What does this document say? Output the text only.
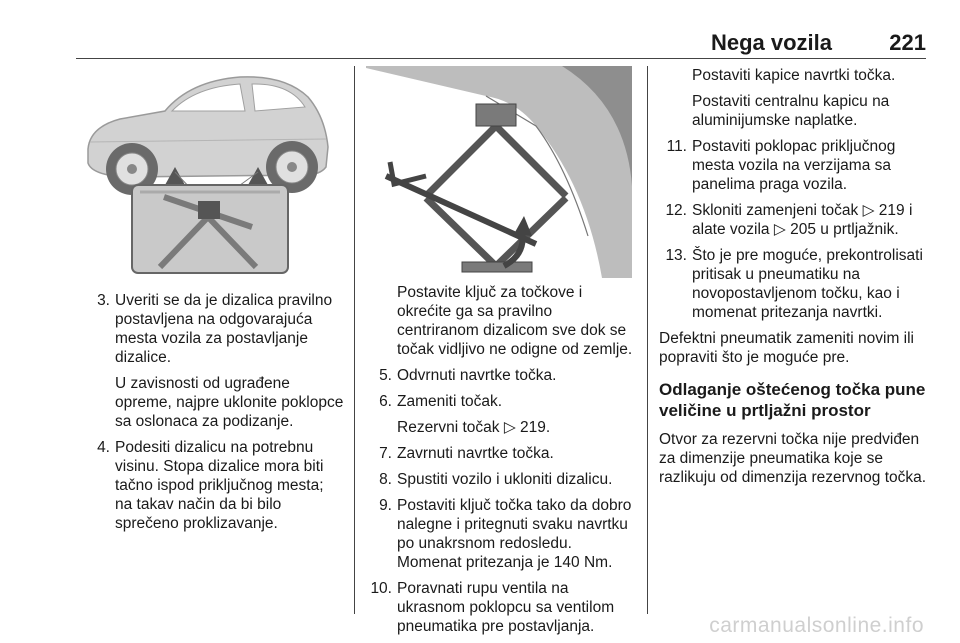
Nega vozila	221
3. Uveriti se da je dizalica pravilno postavljena na odgovarajuća mesta vozila za postavljanje dizalice.

U zavisnosti od ugrađene opreme, najpre uklonite poklopce sa oslonaca za podizanje.

4. Podesiti dizalicu na potrebnu visinu. Stopa dizalice mora biti tačno ispod priključnog mesta; na takav način da bi bilo sprečeno proklizavanje.

Postavite ključ za točkove i okrećite ga sa pravilno centriranom dizalicom sve dok se točak vidljivo ne odigne od zemlje.

5. Odvrnuti navrtke točka.
6. Zameniti točak.

Rezervni točak ▷ 219.

7. Zavrnuti navrtke točka.
8. Spustiti vozilo i ukloniti dizalicu.
9. Postaviti ključ točka tako da dobro nalegne i pritegnuti svaku navrtku po unakrsnom redosledu.

Momenat pritezanja je 140 Nm.

10. Poravnati rupu ventila na ukrasnom poklopcu sa ventilom pneumatika pre postavljanja.

Postaviti kapice navrtki točka.

Postaviti centralnu kapicu na aluminijumske naplatke.

11. Postaviti poklopac priključnog mesta vozila na verzijama sa panelima praga vozila.
12. Skloniti zamenjeni točak ▷ 219 i alate vozila ▷ 205 u prtljažnik.
13. Što je pre moguće, prekontrolisati pritisak u pneumatiku na novopostavljenom točku, kao i momenat pritezanja navrtki.

Defektni pneumatik zameniti novim ili popraviti što je moguće pre.

Odlaganje oštećenog točka pune veličine u prtljažni prostor

Otvor za rezervni točka nije predviđen za dimenzije pneumatika koje se razlikuju od dimenzija rezervnog točka.

carmanualsonline.info
